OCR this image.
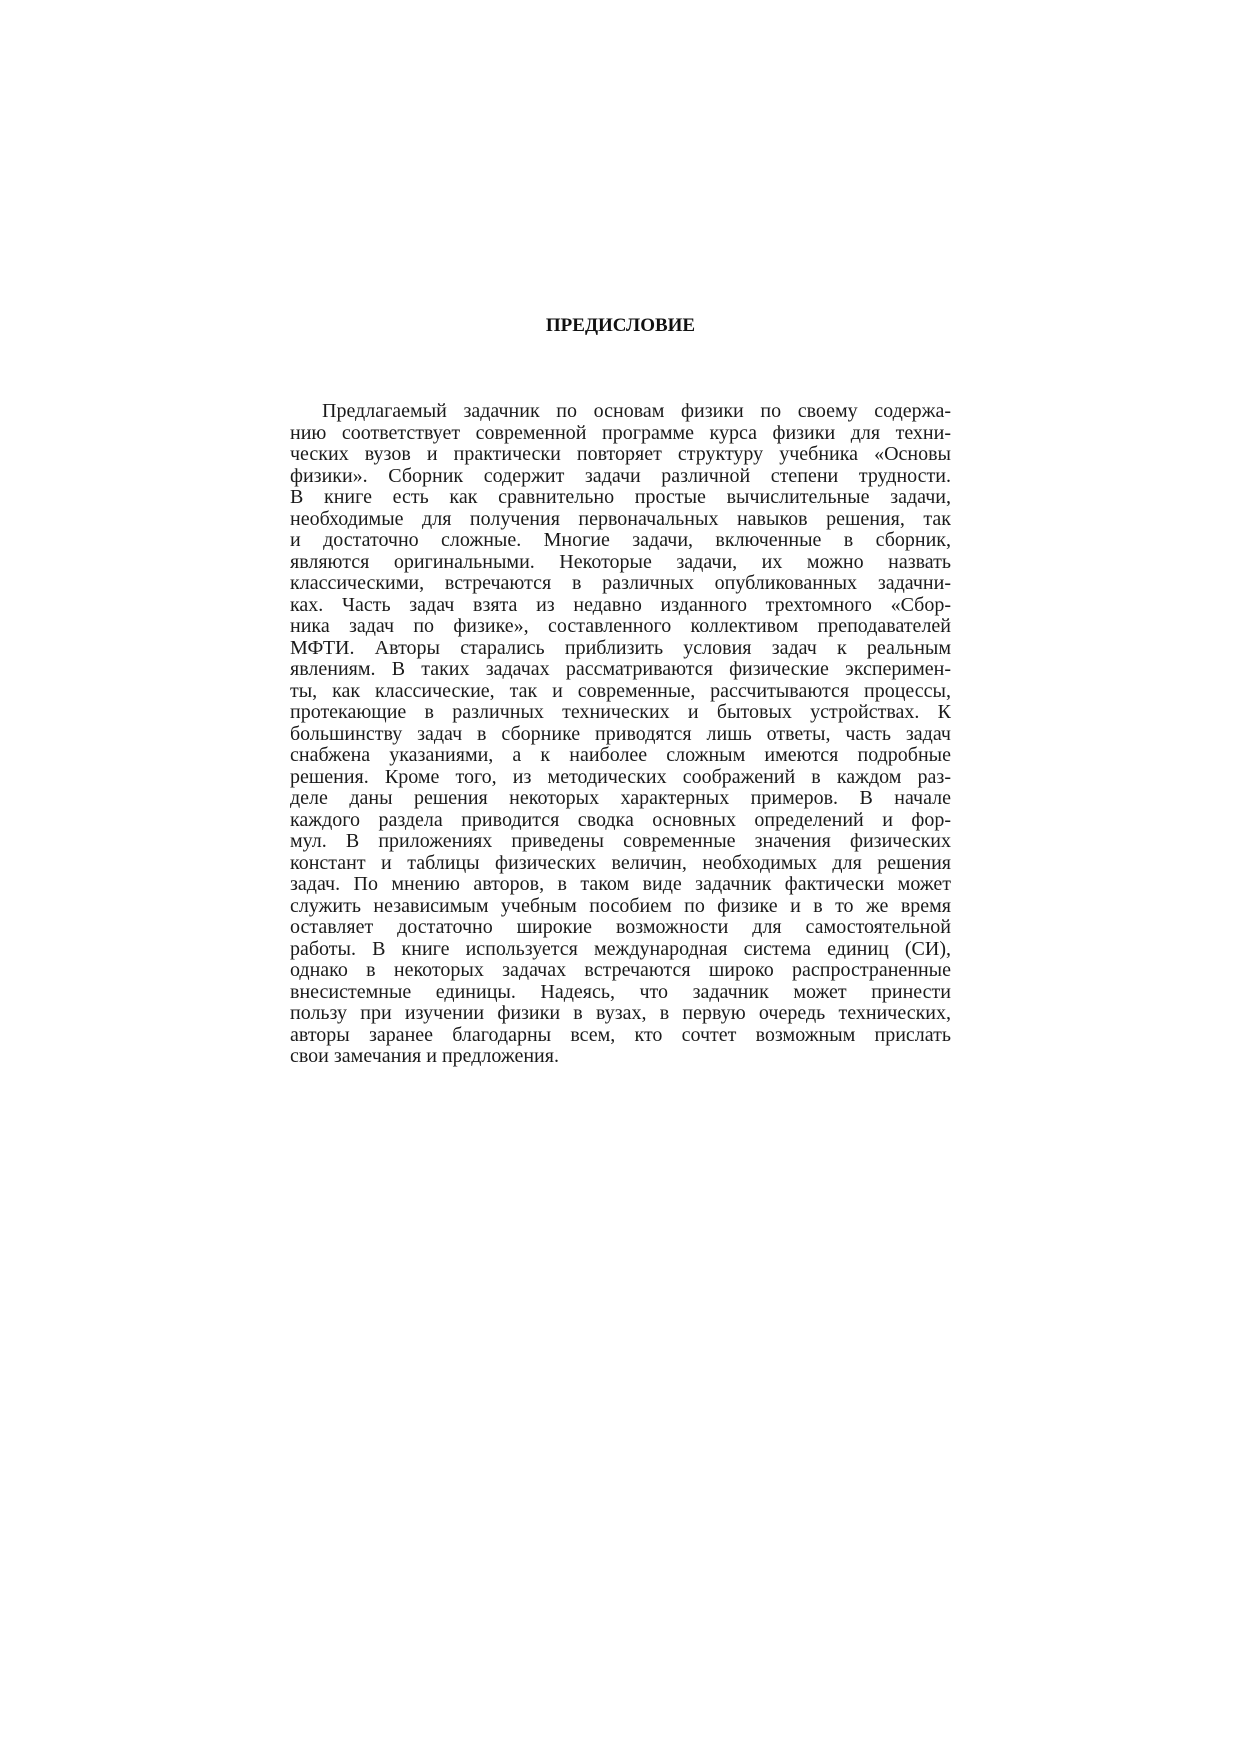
ПРЕДИСЛОВИЕ

Предлагаемый задачник по основам физики по своему содержа-
нию соответствует современной программе курса физики для техни-
ческих вузов и практически повторяет структуру учебника «Основы
физики». Сборник содержит задачи различной степени трудности.
В книге есть как сравнительно простые вычислительные задачи,
необходимые для получения первоначальных навыков решения, так
и достаточно сложные. Многие задачи, включенные в сборник,
являются оригинальными. Некоторые задачи, их можно назвать
классическими, встречаются в различных опубликованных задачни-
ках. Часть задач взята из недавно изданного трехтомного «Сбор-
ника задач по физике», составленного коллективом преподавателей
МФТИ. Авторы старались приблизить условия задач к реальным
явлениям. В таких задачах рассматриваются физические эксперимен-
ты, как классические, так и современные, рассчитываются процессы,
протекающие в различных технических и бытовых устройствах. К
большинству задач в сборнике приводятся лишь ответы, часть задач
снабжена указаниями, а к наиболее сложным имеются подробные
решения. Кроме того, из методических соображений в каждом раз-
деле даны решения некоторых характерных примеров. В начале
каждого раздела приводится сводка основных определений и фор-
мул. В приложениях приведены современные значения физических
констант и таблицы физических величин, необходимых для решения
задач. По мнению авторов, в таком виде задачник фактически может
служить независимым учебным пособием по физике и в то же время
оставляет достаточно широкие возможности для самостоятельной
работы. В книге используется международная система единиц (СИ),
однако в некоторых задачах встречаются широко распространенные
внесистемные единицы. Надеясь, что задачник может принести
пользу при изучении физики в вузах, в первую очередь технических,
авторы заранее благодарны всем, кто сочтет возможным прислать
свои замечания и предложения.
